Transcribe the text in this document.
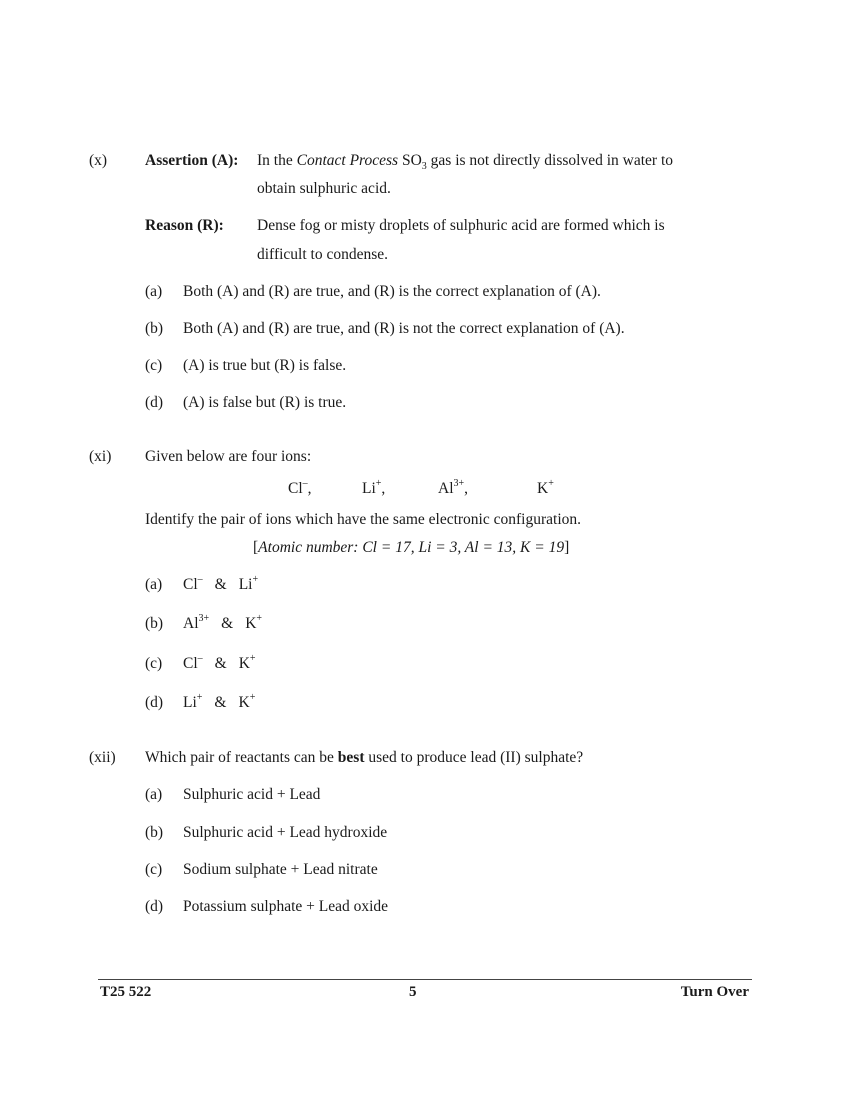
(x) Assertion (A): In the Contact Process $SO_3$ gas is not directly dissolved in water to
obtain sulphuric acid.
Reason (R): Dense fog or misty droplets of sulphuric acid are formed which is
difficult to condense.
(a) Both (A) and (R) are true, and (R) is the correct explanation of (A).
(b) Both (A) and (R) are true, and (R) is not the correct explanation of (A).
(c) (A) is true but (R) is false.
(d) (A) is false but (R) is true.
(xi) Given below are four ions:
Cl–,	Li+,	$Al^{3+}$,	K+
Identify the pair of ions which have the same electronic configuration.
[Atomic number: Cl = 17, Li = 3, Al = 13, K = 19]
(a) Cl– & Li+
(b) $Al^{3+}$ & K+
(c) Cl– & K+
(d) Li+ & K+
(xii) Which pair of reactants can be best used to produce lead (II) sulphate?
(a) Sulphuric acid + Lead
(b) Sulphuric acid + Lead hydroxide
(c) Sodium sulphate + Lead nitrate
(d) Potassium sulphate + Lead oxide
T25 522	5	Turn Over
